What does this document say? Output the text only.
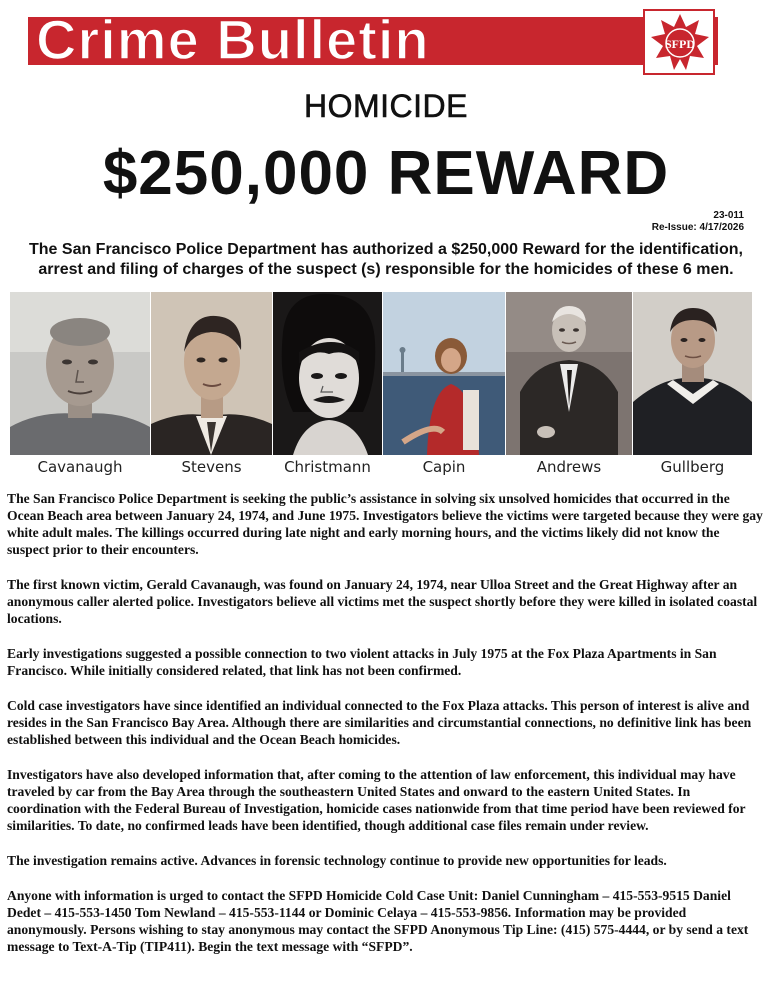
Crime Bulletin	SFPD
HOMICIDE
$250,000 REWARD
23-011
Re-Issue: 4/17/2026
The San Francisco Police Department has authorized a $250,000 Reward for the identification, arrest and filing of charges of the suspect (s) responsible for the homicides of these 6 men.
Cavanaugh	Stevens	Christmann	Capin	Andrews	Gullberg

The San Francisco Police Department is seeking the public’s assistance in solving six unsolved homicides that occurred in the Ocean Beach area between January 24, 1974, and June 1975. Investigators believe the victims were targeted because they were gay white adult males. The killings occurred during late night and early morning hours, and the victims likely did not know the suspect prior to their encounters.

The first known victim, Gerald Cavanaugh, was found on January 24, 1974, near Ulloa Street and the Great Highway after an anonymous caller alerted police. Investigators believe all victims met the suspect shortly before they were killed in isolated coastal locations.

Early investigations suggested a possible connection to two violent attacks in July 1975 at the Fox Plaza Apartments in San Francisco. While initially considered related, that link has not been confirmed.

Cold case investigators have since identified an individual connected to the Fox Plaza attacks. This person of interest is alive and resides in the San Francisco Bay Area. Although there are similarities and circumstantial connections, no definitive link has been established between this individual and the Ocean Beach homicides.

Investigators have also developed information that, after coming to the attention of law enforcement, this individual may have traveled by car from the Bay Area through the southeastern United States and onward to the eastern United States. In coordination with the Federal Bureau of Investigation, homicide cases nationwide from that time period have been reviewed for similarities. To date, no confirmed leads have been identified, though additional case files remain under review.

The investigation remains active. Advances in forensic technology continue to provide new opportunities for leads.

Anyone with information is urged to contact the SFPD Homicide Cold Case Unit: Daniel Cunningham – 415-553-9515 Daniel Dedet – 415-553-1450 Tom Newland – 415-553-1144 or Dominic Celaya – 415-553-9856. Information may be provided anonymously. Persons wishing to stay anonymous may contact the SFPD Anonymous Tip Line: (415) 575-4444, or by send a text message to Text-A-Tip (TIP411). Begin the text message with “SFPD”.
